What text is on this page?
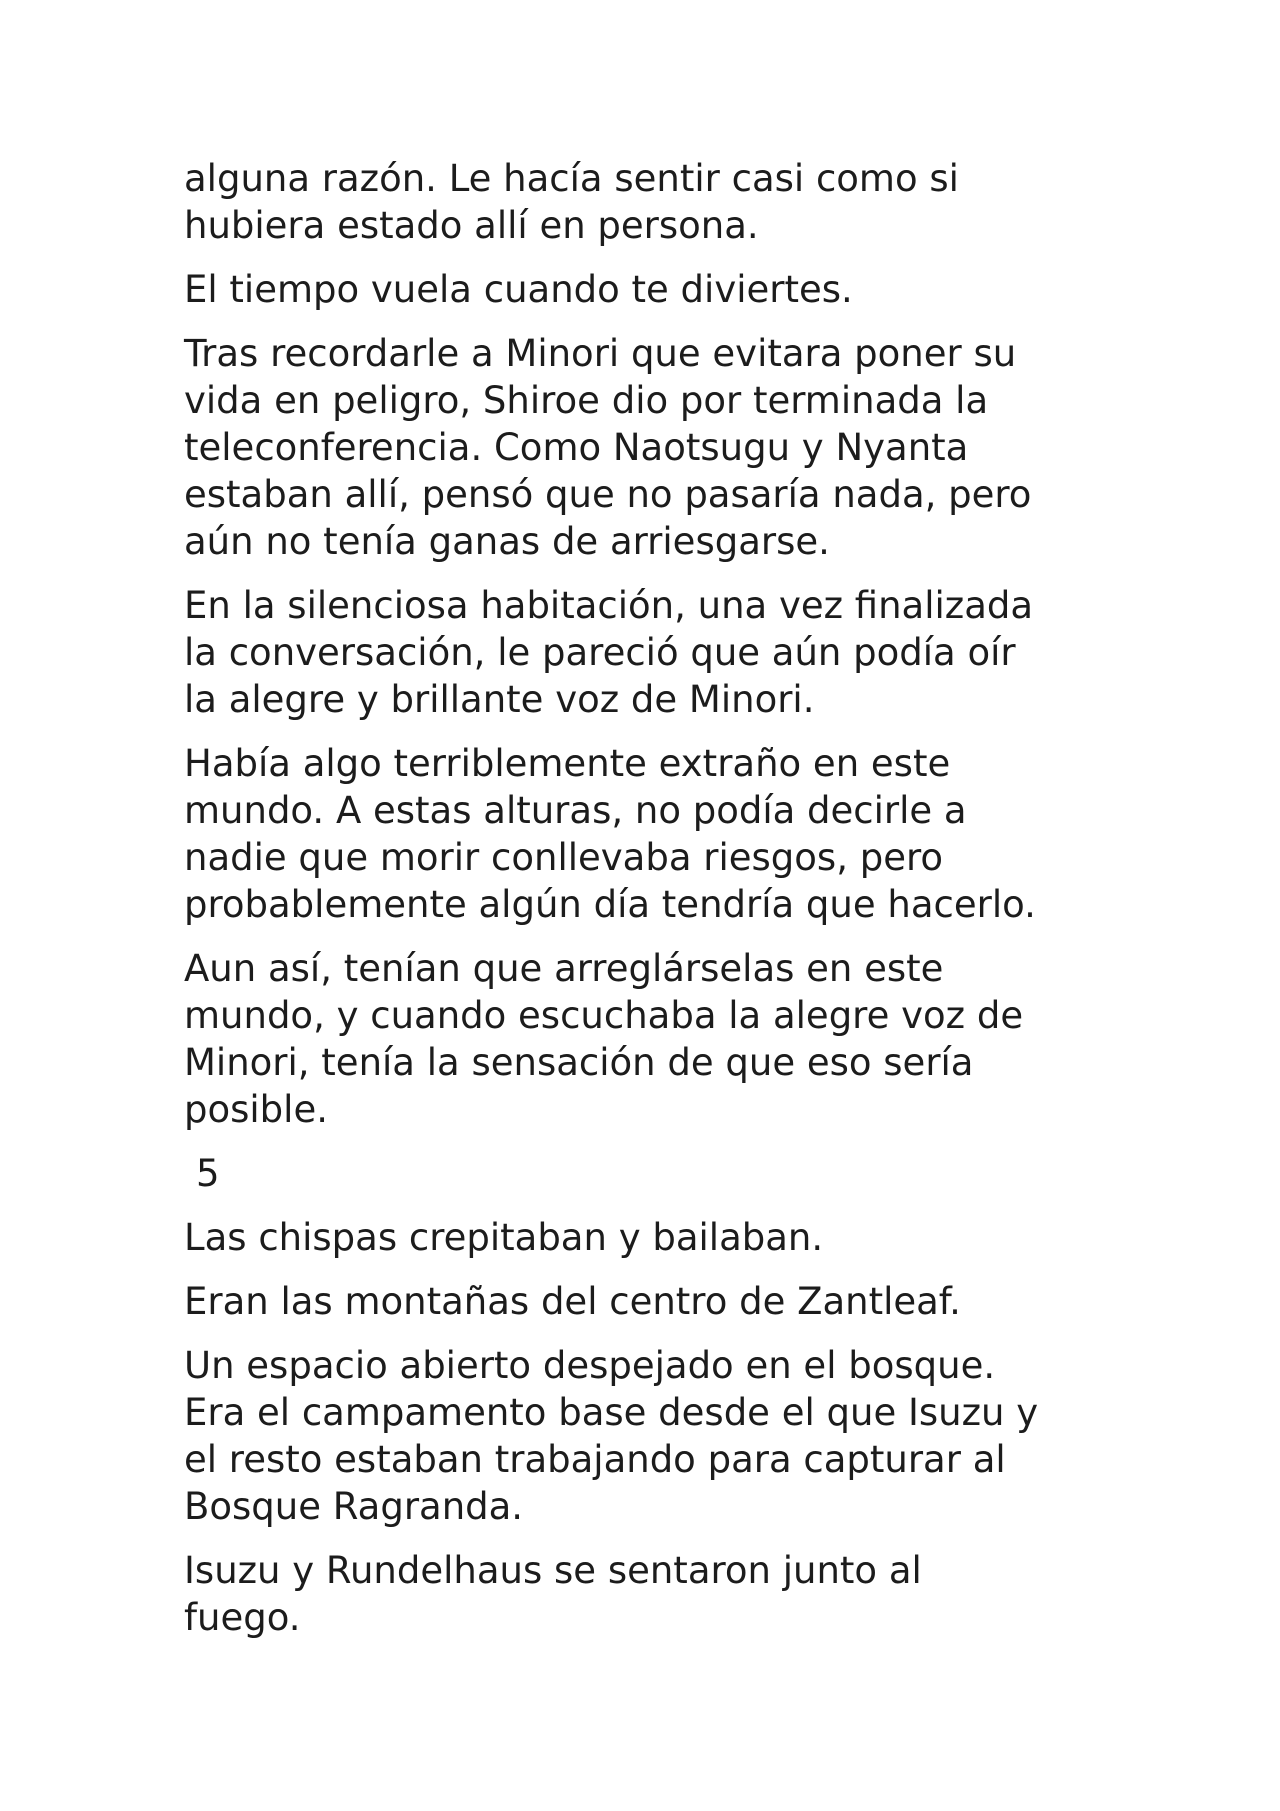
alguna razón. Le hacía sentir casi como si
hubiera estado allí en persona.

El tiempo vuela cuando te diviertes.

Tras recordarle a Minori que evitara poner su
vida en peligro, Shiroe dio por terminada la
teleconferencia. Como Naotsugu y Nyanta
estaban allí, pensó que no pasaría nada, pero
aún no tenía ganas de arriesgarse.

En la silenciosa habitación, una vez finalizada
la conversación, le pareció que aún podía oír
la alegre y brillante voz de Minori.

Había algo terriblemente extraño en este
mundo. A estas alturas, no podía decirle a
nadie que morir conllevaba riesgos, pero
probablemente algún día tendría que hacerlo.

Aun así, tenían que arreglárselas en este
mundo, y cuando escuchaba la alegre voz de
Minori, tenía la sensación de que eso sería
posible.

5

Las chispas crepitaban y bailaban.

Eran las montañas del centro de Zantleaf.

Un espacio abierto despejado en el bosque.
Era el campamento base desde el que Isuzu y
el resto estaban trabajando para capturar al
Bosque Ragranda.

Isuzu y Rundelhaus se sentaron junto al
fuego.
